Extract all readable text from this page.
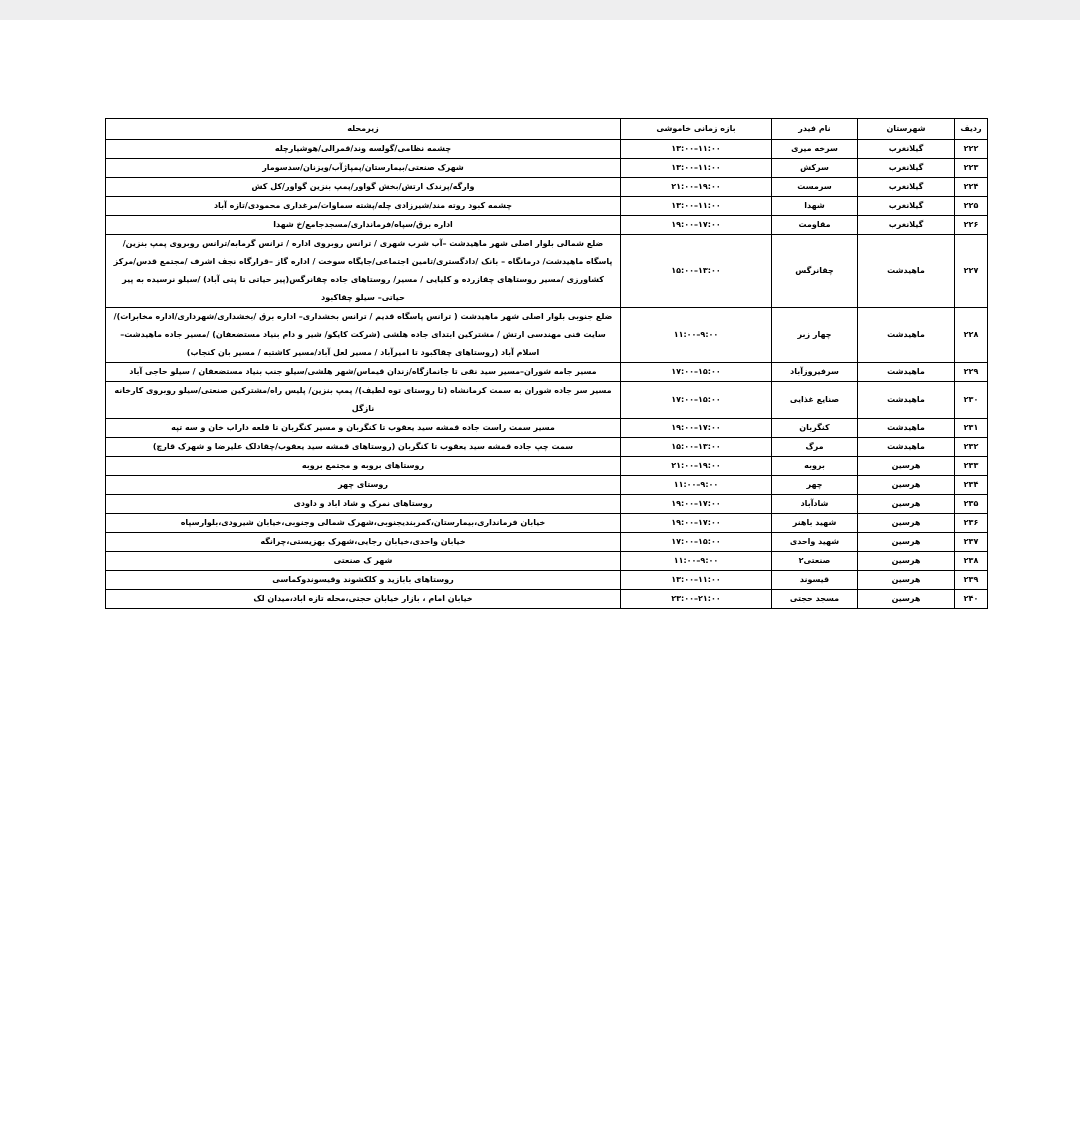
ردیف	شهرستان	نام فیدر	بازه زمانی خاموشی	زیرمحله
۲۲۲	گیلانغرب	سرخه میری	۱۳:۰۰–۱۱:۰۰	چشمه نظامی/گولسه وند/قمرالی/هوشیارچله
۲۲۳	گیلانغرب	سرکش	۱۳:۰۰–۱۱:۰۰	شهرک صنعتی/بیمارستان/پمپاژآب/ویزنان/سدسومار
۲۲۴	گیلانغرب	سرمست	۲۱:۰۰–۱۹:۰۰	وارگه/پرندک ارتش/بخش گواور/پمپ بنزین گواور/کل کش
۲۲۵	گیلانغرب	شهدا	۱۳:۰۰–۱۱:۰۰	چشمه کبود روته مند/شیرزادی چله/پشته سماوات/مرغداری محمودی/تازه آباد
۲۲۶	گیلانغرب	مقاومت	۱۹:۰۰–۱۷:۰۰	اداره برق/سپاه/فرمانداری/مسجدجامع/خ شهدا
۲۲۷	ماهیدشت	چقانرگس	۱۵:۰۰–۱۳:۰۰	ضلع شمالی بلوار اصلی شهر ماهیدشت –آب شرب شهری / ترانس روبروی اداره / ترانس گرمابه/ترانس روبروی پمپ بنزین/پاسگاه ماهیدشت/ درمانگاه – بانک /دادگستری/تامین اجتماعی/جایگاه سوخت / اداره گاز –قرارگاه نجف اشرف /مجتمع قدس/مرکز کشاورزی /مسیر روستاهای چقازرده و کلیایی / مسیر/ روستاهای جاده چقانرگس(پیر حیاتی تا پتی آباد) /سیلو نرسیده به پیر حیاتی– سیلو چقاکبود
۲۲۸	ماهیدشت	چهار زبر	۱۱:۰۰–۹:۰۰	ضلع جنوبی بلوار اصلی شهر ماهیدشت ( ترانس پاسگاه قدیم / ترانس بخشداری– اداره برق /بخشداری/شهرداری/اداره مخابرات)/سایت فنی مهندسی ارتش / مشترکین ابتدای جاده هلشی (شرکت کایکو/ شیر و دام بنیاد مستضعفان) /مسیر جاده ماهیدشت–اسلام آباد (روستاهای چقاکبود تا امیرآباد / مسیر لعل آباد/مسیر کاشتبه / مسیر بان کنجاب)
۲۲۹	ماهیدشت	سرفیروزآباد	۱۷:۰۰–۱۵:۰۰	مسیر جامه شوران–مسیر سید نقی تا جانمازگاه/زندان قیماس/شهر هلشی/سیلو جنب بنیاد مستضعفان / سیلو حاجی آباد
۲۳۰	ماهیدشت	صنایع غذایی	۱۷:۰۰–۱۵:۰۰	مسیر سر جاده شوران به سمت کرمانشاه (تا روستای توه لطیف)/ پمپ بنزین/ پلیس راه/مشترکین صنعتی/سیلو روبروی کارخانه نازگل
۲۳۱	ماهیدشت	کنگربان	۱۹:۰۰–۱۷:۰۰	مسیر سمت راست جاده قمشه سید یعقوب تا کنگربان و مسیر کنگربان تا قلعه داراب خان و سه تپه
۲۳۲	ماهیدشت	مرگ	۱۵:۰۰–۱۳:۰۰	سمت چپ جاده قمشه سید یعقوب تا کنگربان (روستاهای قمشه سید یعقوب/چقادلک علیرضا و شهرک قارچ)
۲۳۳	هرسین	بروبه	۲۱:۰۰–۱۹:۰۰	روستاهای بروبه و مجتمع بروبه
۲۳۴	هرسین	چهر	۱۱:۰۰–۹:۰۰	روستای چهر
۲۳۵	هرسین	شادآباد	۱۹:۰۰–۱۷:۰۰	روستاهای نمرک و شاد اباد و داودی
۲۳۶	هرسین	شهید باهنر	۱۹:۰۰–۱۷:۰۰	خیابان فرمانداری،بیمارستان،کمربندیجنوبی،شهرک شمالی وجنوبی،خیابان شیرودی،بلوارسپاه
۲۳۷	هرسین	شهید واحدی	۱۷:۰۰–۱۵:۰۰	خیابان واحدی،خیابان رجایی،شهرک بهزیستی،چرانگه
۲۳۸	هرسین	صنعتی۲	۱۱:۰۰–۹:۰۰	شهر ک صنعتی
۲۳۹	هرسین	قیسوند	۱۳:۰۰–۱۱:۰۰	روستاهای بابازید و کلکشوند وقیسوندوکماسی
۲۴۰	هرسین	مسجد حجتی	۲۳:۰۰–۲۱:۰۰	خیابان امام ، بازار خیابان حجتی،محله تازه اباد،میدان لک
